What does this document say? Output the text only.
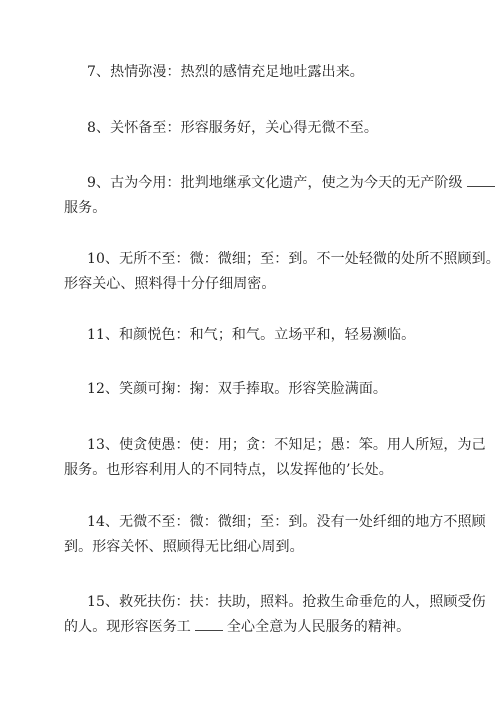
7、热情弥漫：热烈的感情充足地吐露出来。
8、关怀备至：形容服务好，关心得无微不至。
9、古为今用：批判地继承文化遗产，使之为今天的无产阶级
服务。
10、无所不至：微：微细；至：到。不一处轻微的处所不照顾到。
形容关心、照料得十分仔细周密。
11、和颜悦色：和气；和气。立场平和，轻易濒临。
12、笑颜可掬：掬：双手捧取。形容笑脸满面。
13、使贪使愚：使：用；贪：不知足；愚：笨。用人所短，为己
服务。也形容利用人的不同特点，以发挥他的’长处。
14、无微不至：微：微细；至：到。没有一处纤细的地方不照顾
到。形容关怀、照顾得无比细心周到。
15、救死扶伤：扶：扶助，照料。抢救生命垂危的人，照顾受伤
的人。现形容医务工	全心全意为人民服务的精神。
